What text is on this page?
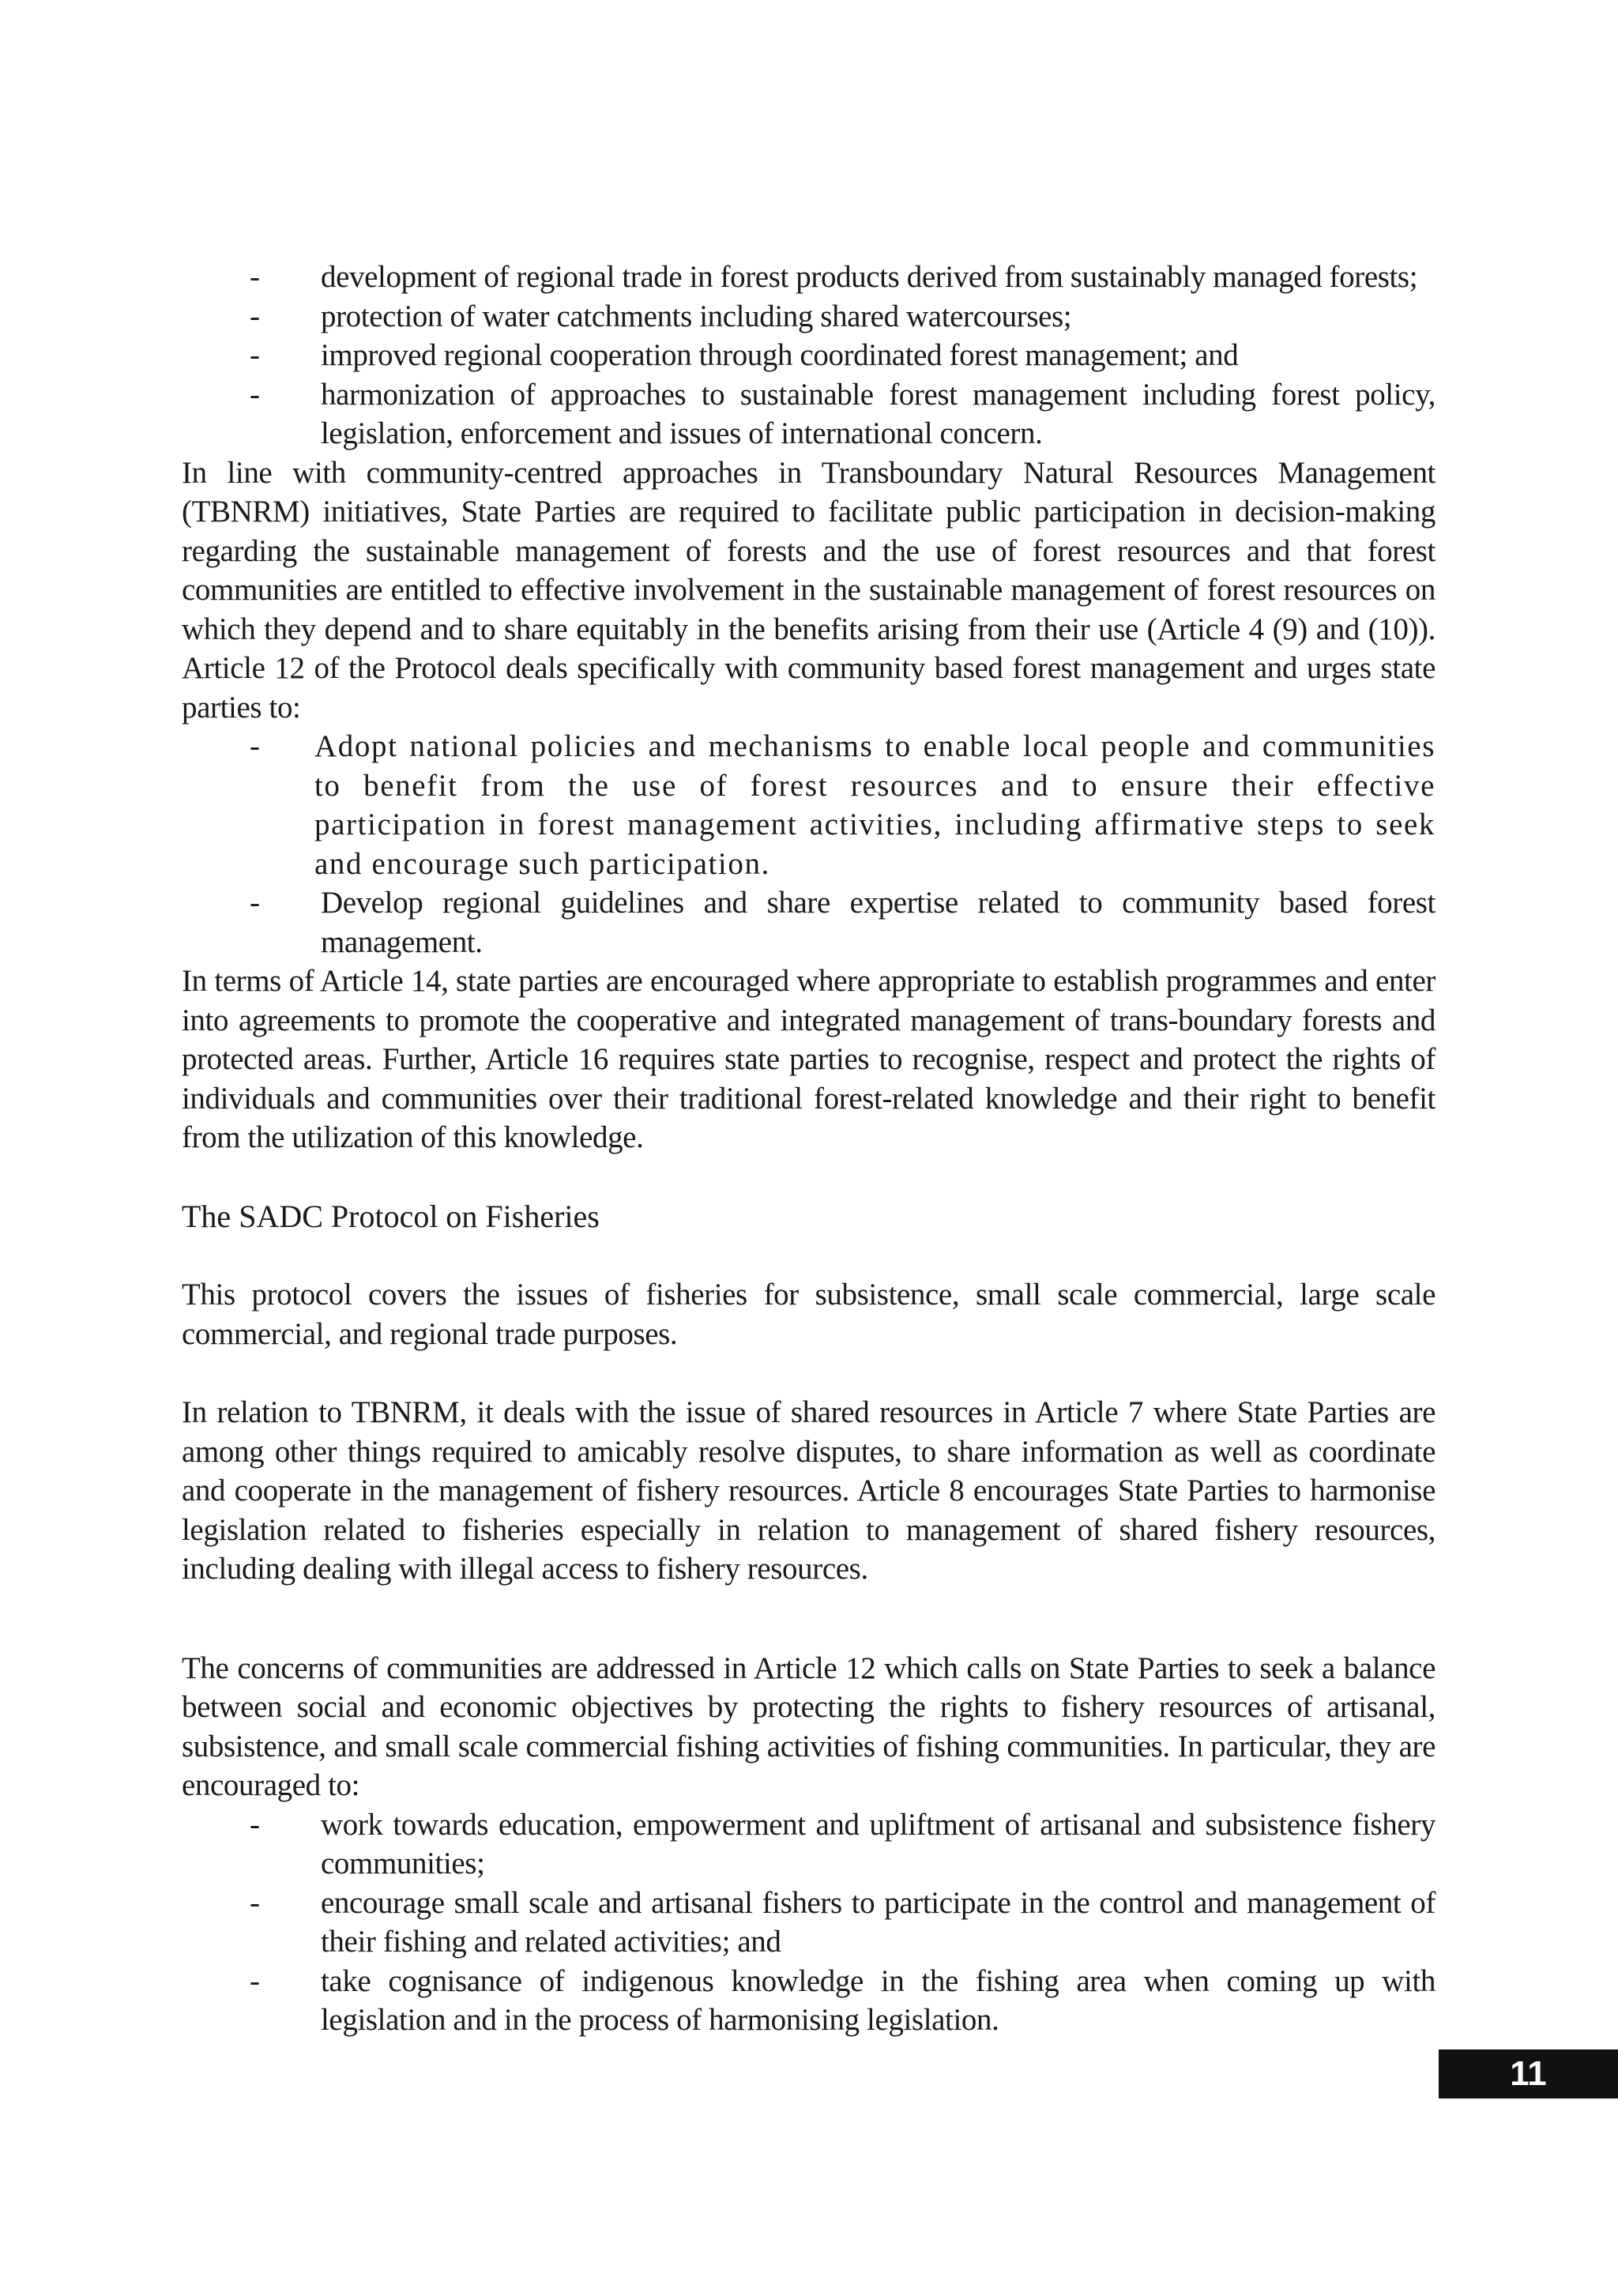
- development of regional trade in forest products derived from sustainably managed forests;
- protection of water catchments including shared watercourses;
- improved regional cooperation through coordinated forest management; and
- harmonization of approaches to sustainable forest management including forest policy, legislation, enforcement and issues of international concern.

In line with community-centred approaches in Transboundary Natural Resources Management (TBNRM) initiatives, State Parties are required to facilitate public participation in decision-making regarding the sustainable management of forests and the use of forest resources and that forest communities are entitled to effective involvement in the sustainable management of forest resources on which they depend and to share equitably in the benefits arising from their use (Article 4 (9) and (10)). Article 12 of the Protocol deals specifically with community based forest management and urges state parties to:

- Adopt national policies and mechanisms to enable local people and communities to benefit from the use of forest resources and to ensure their effective participation in forest management activities, including affirmative steps to seek and encourage such participation.
- Develop regional guidelines and share expertise related to community based forest management.

In terms of Article 14, state parties are encouraged where appropriate to establish programmes and enter into agreements to promote the cooperative and integrated management of trans-boundary forests and protected areas. Further, Article 16 requires state parties to recognise, respect and protect the rights of individuals and communities over their traditional forest-related knowledge and their right to benefit from the utilization of this knowledge.

The SADC Protocol on Fisheries

This protocol covers the issues of fisheries for subsistence, small scale commercial, large scale commercial, and regional trade purposes.

In relation to TBNRM, it deals with the issue of shared resources in Article 7 where State Parties are among other things required to amicably resolve disputes, to share information as well as coordinate and cooperate in the management of fishery resources. Article 8 encourages State Parties to harmonise legislation related to fisheries especially in relation to management of shared fishery resources, including dealing with illegal access to fishery resources.

The concerns of communities are addressed in Article 12 which calls on State Parties to seek a balance between social and economic objectives by protecting the rights to fishery resources of artisanal, subsistence, and small scale commercial fishing activities of fishing communities. In particular, they are encouraged to:

- work towards education, empowerment and upliftment of artisanal and subsistence fishery communities;
- encourage small scale and artisanal fishers to participate in the control and management of their fishing and related activities; and
- take cognisance of indigenous knowledge in the fishing area when coming up with legislation and in the process of harmonising legislation.
11
